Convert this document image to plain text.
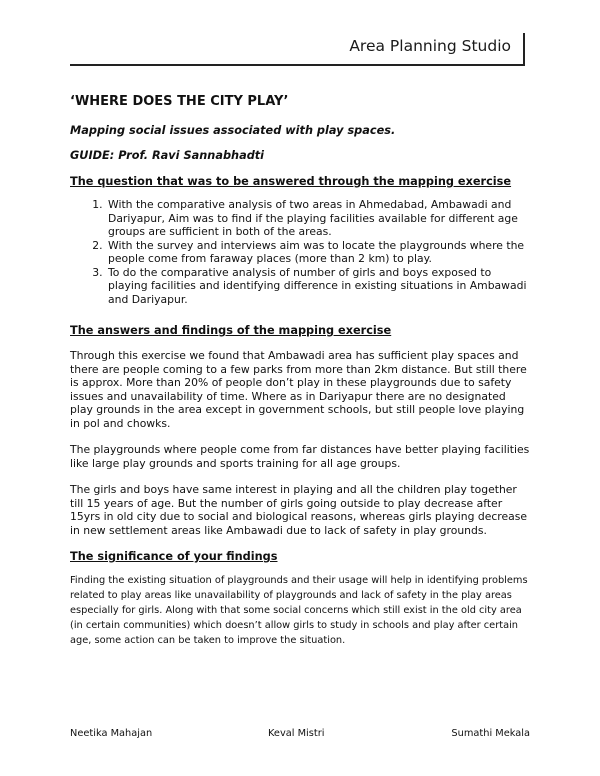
Area Planning Studio
‘WHERE DOES THE CITY PLAY’
Mapping social issues associated with play spaces.
GUIDE: Prof. Ravi Sannabhadti
The question that was to be answered through the mapping exercise
1. With the comparative analysis of two areas in Ahmedabad, Ambawadi and Dariyapur, Aim was to find if the playing facilities available for different age groups are sufficient in both of the areas.
2. With the survey and interviews aim was to locate the playgrounds where the people come from faraway places (more than 2 km) to play.
3. To do the comparative analysis of number of girls and boys exposed to playing facilities and identifying difference in existing situations in Ambawadi and Dariyapur.
The answers and findings of the mapping exercise

Through this exercise we found that Ambawadi area has sufficient play spaces and there are people coming to a few parks from more than 2km distance. But still there is approx. More than 20% of people don’t play in these playgrounds due to safety issues and unavailability of time. Where as in Dariyapur there are no designated play grounds in the area except in government schools, but still people love playing in pol and chowks.

The playgrounds where people come from far distances have better playing facilities like large play grounds and sports training for all age groups.

The girls and boys have same interest in playing and all the children play together till 15 years of age. But the number of girls going outside to play decrease after 15yrs in old city due to social and biological reasons, whereas girls playing decrease in new settlement areas like Ambawadi due to lack of safety in play grounds.

The significance of your findings

Finding the existing situation of playgrounds and their usage will help in identifying problems related to play areas like unavailability of playgrounds and lack of safety in the play areas especially for girls. Along with that some social concerns which still exist in the old city area (in certain communities) which doesn’t allow girls to study in schools and play after certain age, some action can be taken to improve the situation.

Neetika Mahajan	Keval Mistri	Sumathi Mekala
